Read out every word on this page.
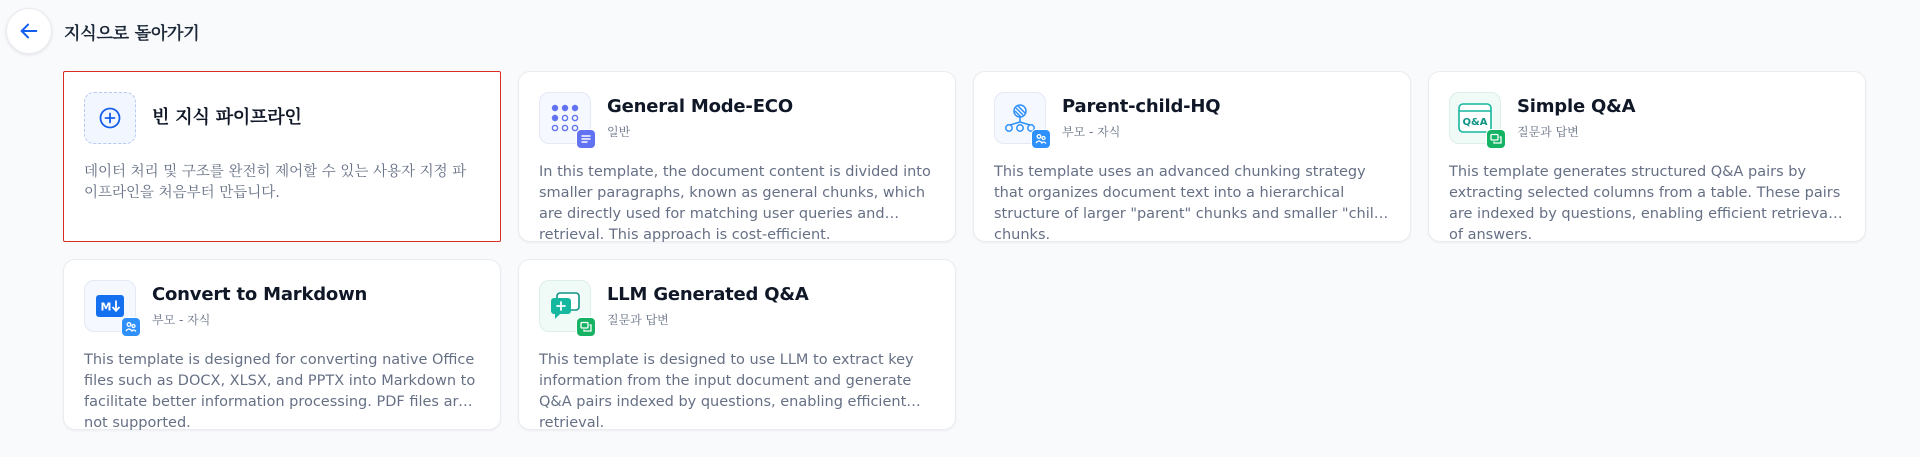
지식으로 돌아가기
빈 지식 파이프라인
데이터 처리 및 구조를 완전히 제어할 수 있는 사용자 지정 파이프라인을 처음부터 만듭니다.
General Mode-ECO
일반
In this template, the document content is divided into smaller paragraphs, known as general chunks, which are directly used for matching user queries and retrieval. This approach is cost-efficient.
Parent-child-HQ
부모 - 자식
This template uses an advanced chunking strategy that organizes document text into a hierarchical structure of larger "parent" chunks and smaller "child" chunks.
Q&A
Simple Q&A
질문과 답변
This template generates structured Q&A pairs by extracting selected columns from a table. These pairs are indexed by questions, enabling efficient retrieval of answers.
M
Convert to Markdown
부모 - 자식
This template is designed for converting native Office files such as DOCX, XLSX, and PPTX into Markdown to facilitate better information processing. PDF files are not supported.
LLM Generated Q&A
질문과 답변
This template is designed to use LLM to extract key information from the input document and generate Q&A pairs indexed by questions, enabling efficient retrieval.
